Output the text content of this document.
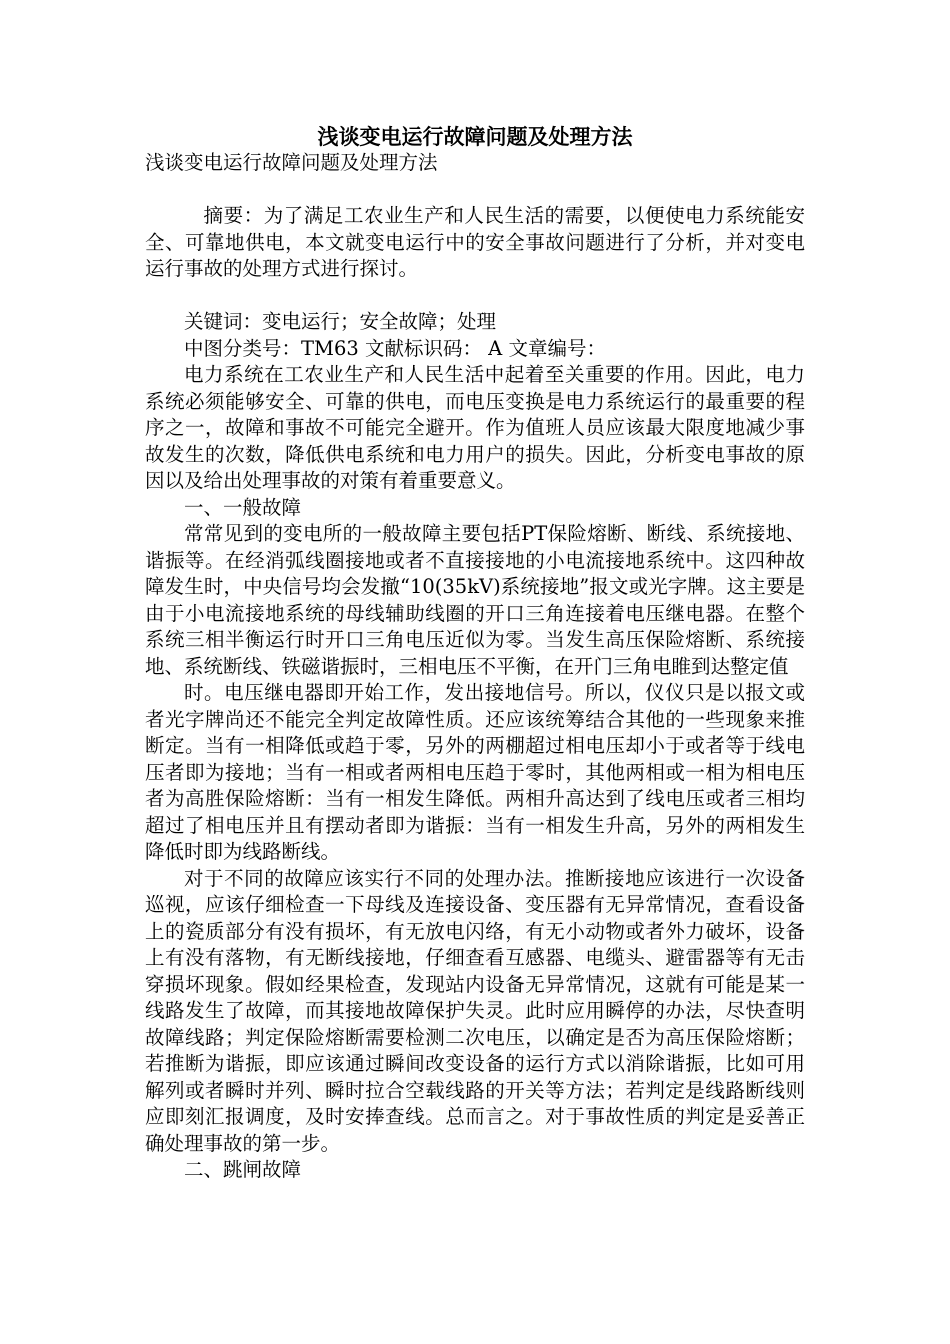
浅谈变电运行故障问题及处理方法

浅谈变电运行故障问题及处理方法

摘要：为了满足工农业生产和人民生活的需要，以便使电力系统能安全、可靠地供电，本文就变电运行中的安全事故问题进行了分析，并对变电运行事故的处理方式进行探讨。

关键词：变电运行；安全故障；处理

中图分类号：TM63 文献标识码： A 文章编号：

电力系统在工农业生产和人民生活中起着至关重要的作用。因此，电力系统必须能够安全、可靠的供电，而电压变换是电力系统运行的最重要的程序之一，故障和事故不可能完全避开。作为值班人员应该最大限度地减少事故发生的次数，降低供电系统和电力用户的损失。因此，分析变电事故的原因以及给出处理事故的对策有着重要意义。

一、一般故障

常常见到的变电所的一般故障主要包括PT保险熔断、断线、系统接地、谐振等。在经消弧线圈接地或者不直接接地的小电流接地系统中。这四种故障发生时，中央信号均会发撤“10(35kV)系统接地”报文或光字牌。这主要是由于小电流接地系统的母线辅助线圈的开口三角连接着电压继电器。在整个系统三相半衡运行时开口三角电压近似为零。当发生高压保险熔断、系统接地、系统断线、铁磁谐振时，三相电压不平衡，在开门三角电睢到达整定值

时。电压继电器即开始工作，发出接地信号。所以，仪仪只是以报文或者光字牌尚还不能完全判定故障性质。还应该统筹结合其他的一些现象来推断定。当有一相降低或趋于零，另外的两棚超过相电压却小于或者等于线电压者即为接地；当有一相或者两相电压趋于零时，其他两相或一相为相电压者为高胜保险熔断：当有一相发生降低。两相升高达到了线电压或者三相均超过了相电压并且有摆动者即为谐振：当有一相发生升高，另外的两相发生降低时即为线路断线。

对于不同的故障应该实行不同的处理办法。推断接地应该进行一次设备巡视，应该仔细检查一下母线及连接设备、变压器有无异常情况，查看设备上的瓷质部分有没有损坏，有无放电闪络，有无小动物或者外力破坏，设备上有没有落物，有无断线接地，仔细查看互感器、电缆头、避雷器等有无击穿损坏现象。假如经果检查，发现站内设备无异常情况，这就有可能是某一线路发生了故障，而其接地故障保护失灵。此时应用瞬停的办法，尽快查明故障线路；判定保险熔断需要检测二次电压，以确定是否为高压保险熔断；若推断为谐振，即应该通过瞬间改变设备的运行方式以消除谐振，比如可用解列或者瞬时并列、瞬时拉合空载线路的开关等方法；若判定是线路断线则应即刻汇报调度，及时安捧查线。总而言之。对于事故性质的判定是妥善正确处理事故的第一步。

二、跳闸故障
